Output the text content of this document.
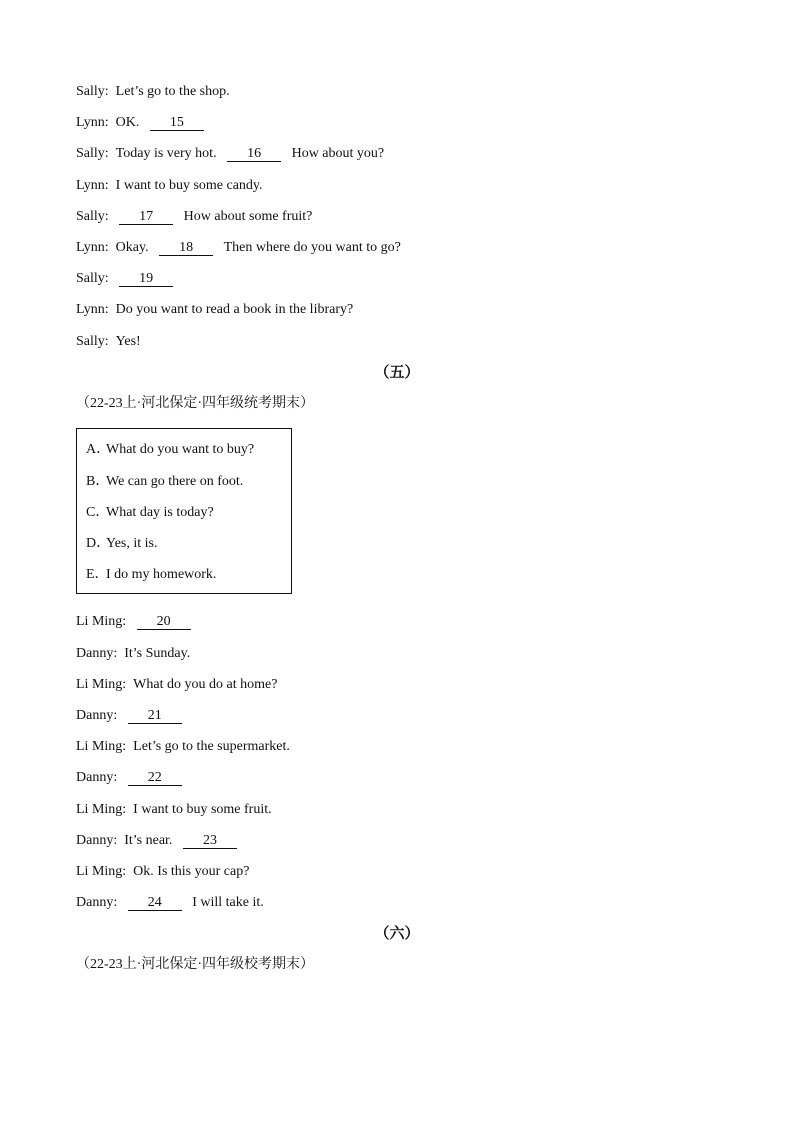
Sally: Let’s go to the shop.
Lynn: OK. 15
Sally: Today is very hot. 16 How about you?
Lynn: I want to buy some candy.
Sally: 17 How about some fruit?
Lynn: Okay. 18 Then where do you want to go?
Sally: 19
Lynn: Do you want to read a book in the library?
Sally: Yes!
（五）
（22-23上·河北保定·四年级统考期末）
A．What do you want to buy?
B．We can go there on foot.
C．What day is today?
D．Yes, it is.
E．I do my homework.
Li Ming: 20
Danny: It’s Sunday.
Li Ming: What do you do at home?
Danny: 21
Li Ming: Let’s go to the supermarket.
Danny: 22
Li Ming: I want to buy some fruit.
Danny: It’s near. 23
Li Ming: Ok. Is this your cap?
Danny: 24 I will take it.
（六）
（22-23上·河北保定·四年级校考期末）
